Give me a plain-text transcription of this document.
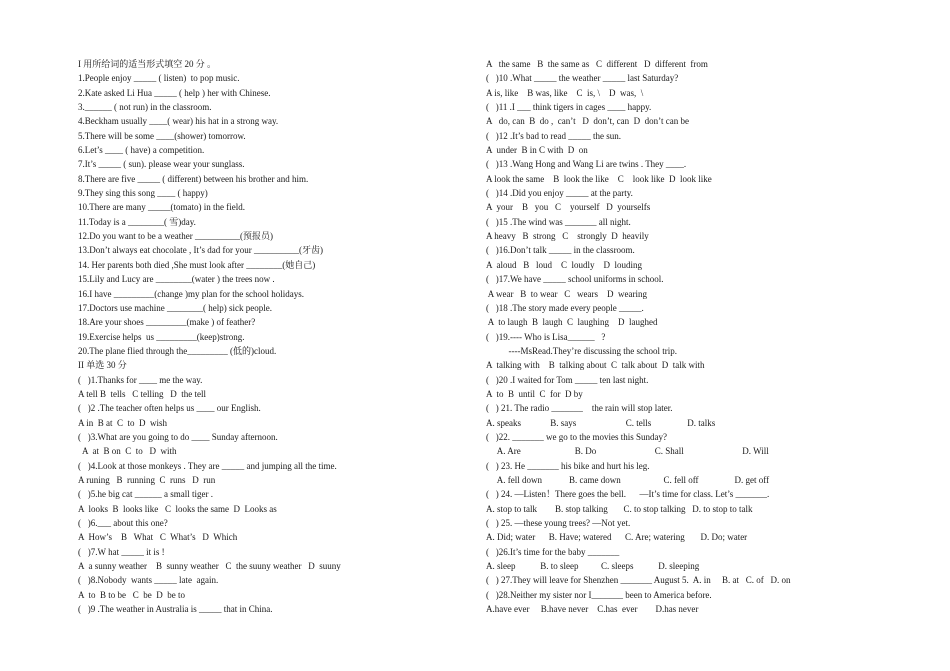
I 用所给词的适当形式填空 20 分 。
1.People enjoy _____ ( listen)  to pop music.
2.Kate asked Li Hua _____ ( help ) her with Chinese.
3.______ ( not run) in the classroom.
4.Beckham usually ____( wear) his hat in a strong way.
5.There will be some ____(shower) tomorrow.
6.Let’s ____ ( have) a competition.
7.It’s _____ ( sun). please wear your sunglass.
8.There are five _____ ( different) between his brother and him.
9.They sing this song ____ ( happy)
10.There are many _____(tomato) in the field.
11.Today is a ________( 雪)day.
12.Do you want to be a weather __________(预报员)
13.Don’t always eat chocolate , It’s dad for your __________(牙齿)
14. Her parents both died ,She must look after ________(她自己)
15.Lily and Lucy are ________(water ) the trees now .
16.I have _________(change )my plan for the school holidays.
17.Doctors use machine ________( help) sick people.
18.Are your shoes _________(make ) of feather?
19.Exercise helps  us _________(keep)strong.
20.The plane flied through the_________ (低的)cloud.
II 单选 30 分
(   )1.Thanks for ____ me the way.
A tell B  tells   C telling   D  the tell
(   )2 .The teacher often helps us ____ our English.
A in  B at  C  to  D  wish
(   )3.What are you going to do ____ Sunday afternoon.
A  at  B on  C  to   D  with
(   )4.Look at those monkeys . They are _____ and jumping all the time.
A runing   B  running  C  runs   D  run
(   )5.he big cat ______ a small tiger .
A  looks  B  looks like   C  looks the same  D  Looks as
(   )6.___ about this one?
A  How’s    B   What   C  What’s   D  Which
(   )7.W hat _____ it is !
A  a sunny weather    B  sunny weather   C  the suuny weather   D  suuny
(   )8.Nobody  wants _____ late  again.
A  to  B to be   C  be  D  be to
(   )9 .The weather in Australia is _____ that in China.
A   the same   B  the same as   C  different   D  different  from
(   )10 .What _____ the weather _____ last Saturday?
A is, like    B was, like    C  is, \    D  was,  \
(   )11 .I ___ think tigers in cages ____ happy.
A   do, can  B  do ,  can’t   D  don’t, can  D  don’t can be
(   )12 .It’s bad to read _____ the sun.
A  under  B in C with  D  on
(   )13 .Wang Hong and Wang Li are twins . They ____.
A look the same    B  look the like    C    look like  D  look like
(   )14 .Did you enjoy _____ at the party.
A  your    B   you   C    yourself   D  yourselfs
(   )15 .The wind was _______ all night.
A heavy   B  strong   C    strongly  D  heavily
(   )16.Don’t talk _____ in the classroom.
A  aloud   B   loud    C  loudly    D  louding
(   )17.We have _____ school uniforms in school.
A wear   B  to wear   C   wears    D  wearing
(   )18 .The story made every people _____.
A  to laugh  B  laugh  C  laughing    D  laughed
(   )19.---- Who is Lisa______   ?
----MsRead.They’re discussing the school trip.
A  talking with    B  talking about  C  talk about  D  talk with
(   )20 .I waited for Tom _____ ten last night.
A  to  B  until  C  for  D by
(   ) 21. The radio _______    the rain will stop later.
A. speaks             B. says                      C. tells                D. talks
(   )22. _______ we go to the movies this Sunday?
A. Are                        B. Do                          C. Shall                          D. Will
(   ) 23. He _______ his bike and hurt his leg.
A. fell down            B. came down                   C. fell off                D. get off
(   ) 24. —Listen！There goes the bell.      —It’s time for class. Let’s _______.
A. stop to talk        B. stop talking       C. to stop talking   D. to stop to talk
(   ) 25. —these young trees? —Not yet.
A. Did; water      B. Have; watered      C. Are; watering       D. Do; water
(   )26.It’s time for the baby _______
A. sleep           B. to sleep          C. sleeps           D. sleeping
(   ) 27.They will leave for Shenzhen _______ August 5.  A. in     B. at   C. of   D. on
(   )28.Neither my sister nor I_______ been to America before.
A.have ever     B.have never    C.has  ever        D.has never
